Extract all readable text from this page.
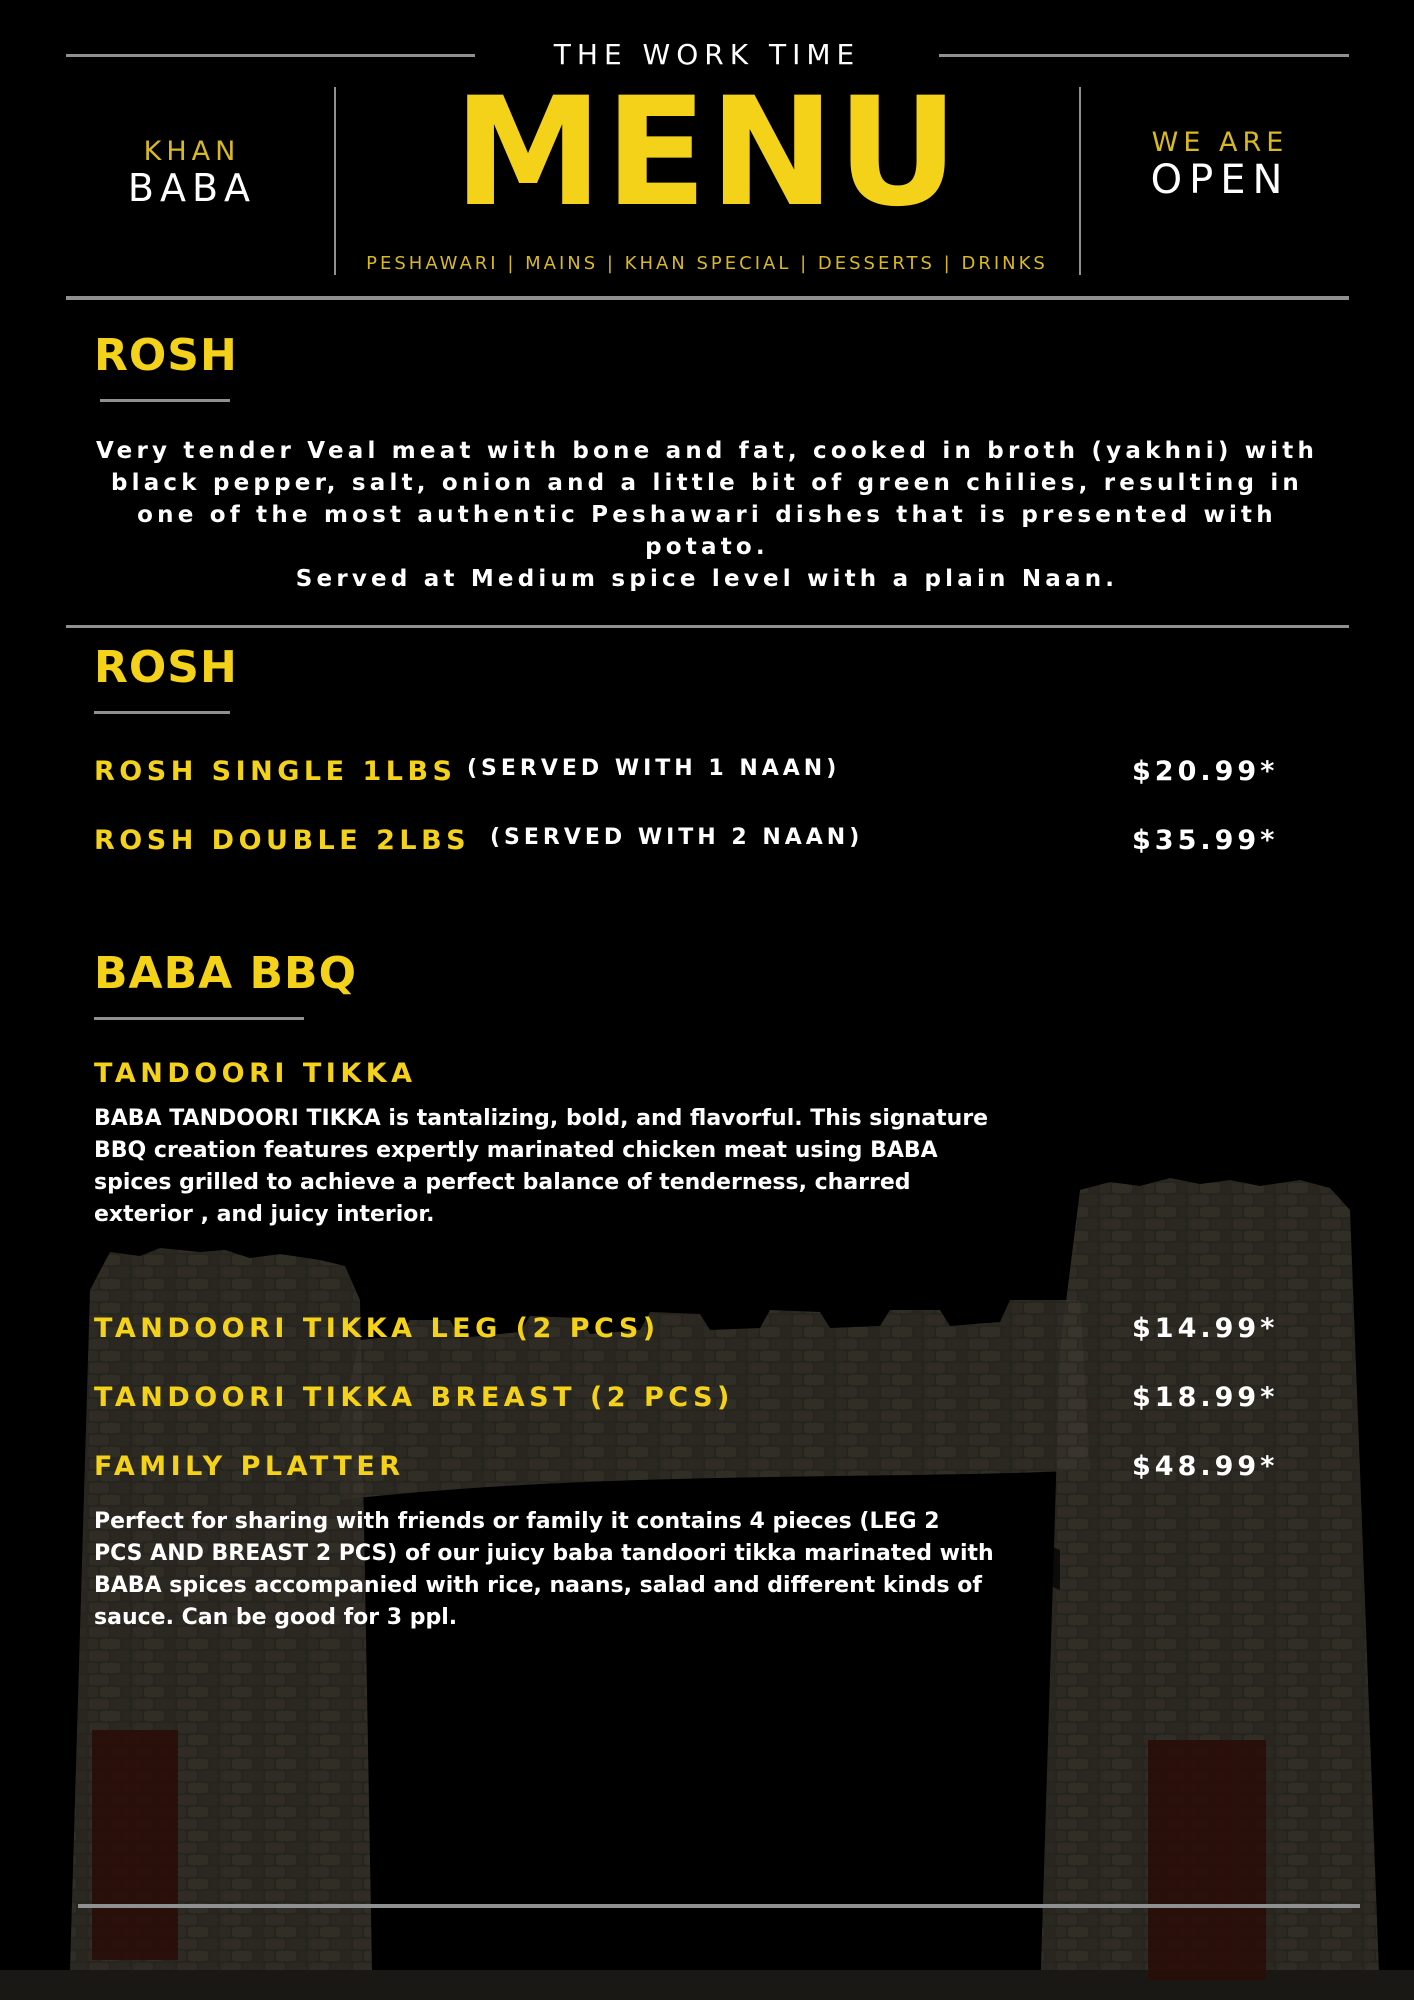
THE WORK TIME
KHAN
BABA	MENU
PESHAWARI | MAINS | KHAN SPECIAL | DESSERTS | DRINKS
WE ARE
OPEN
ROSH
Very tender Veal meat with bone and fat, cooked in broth (yakhni) with
black pepper, salt, onion and a little bit of green chilies, resulting in
one of the most authentic Peshawari dishes that is presented with
potato.
Served at Medium spice level with a plain Naan.
ROSH
ROSH SINGLE 1LBS (SERVED WITH 1 NAAN)	$20.99*
ROSH DOUBLE 2LBS (SERVED WITH 2 NAAN)	$35.99*
BABA BBQ
TANDOORI TIKKA
BABA TANDOORI TIKKA is tantalizing, bold, and flavorful. This signature
BBQ creation features expertly marinated chicken meat using BABA
spices grilled to achieve a perfect balance of tenderness, charred
exterior , and juicy interior.
TANDOORI TIKKA LEG (2 PCS)	$14.99*
TANDOORI TIKKA BREAST (2 PCS)	$18.99*
FAMILY PLATTER	$48.99*
Perfect for sharing with friends or family it contains 4 pieces (LEG 2
PCS AND BREAST 2 PCS) of our juicy baba tandoori tikka marinated with
BABA spices accompanied with rice, naans, salad and different kinds of
sauce. Can be good for 3 ppl.
